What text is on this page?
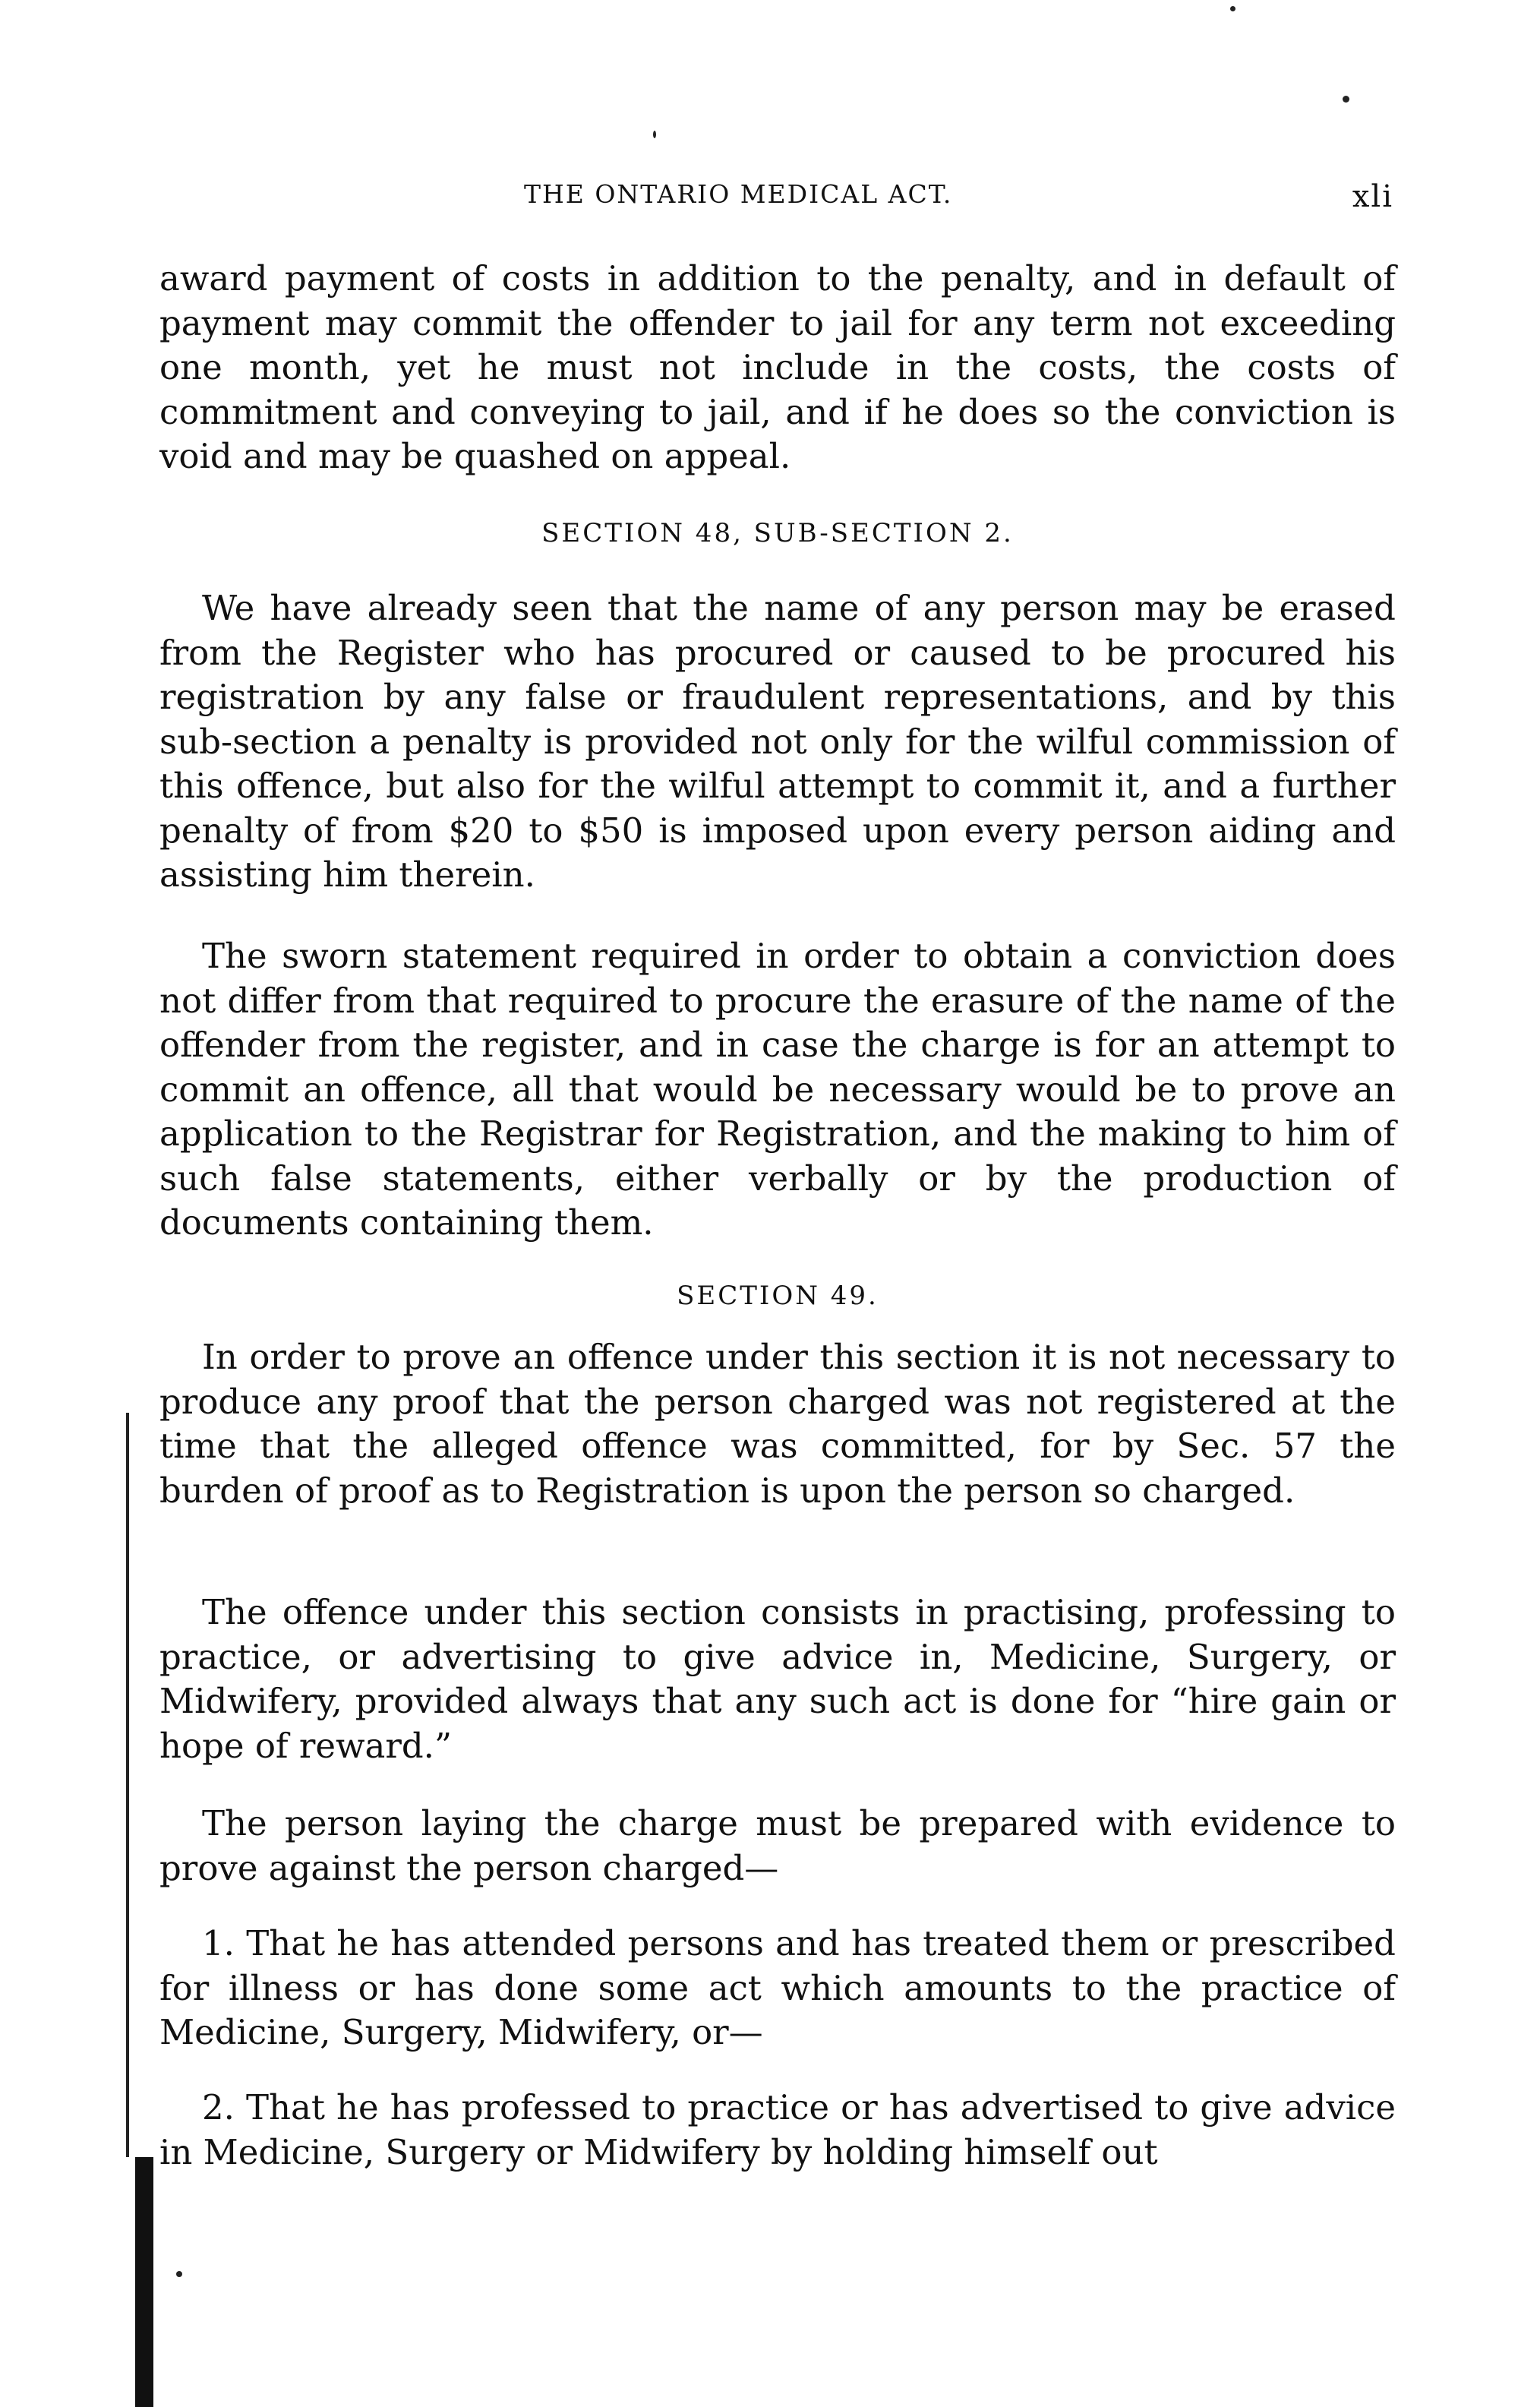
THE ONTARIO MEDICAL ACT.	xli

award payment of costs in addition to the penalty, and in default of payment may commit the offender to jail for any term not exceeding one month, yet he must not include in the costs, the costs of commitment and conveying to jail, and if he does so the conviction is void and may be quashed on appeal.

SECTION 48, SUB-SECTION 2.

We have already seen that the name of any person may be erased from the Register who has procured or caused to be procured his registration by any false or fraudulent representations, and by this sub-section a penalty is provided not only for the wilful commission of this offence, but also for the wilful attempt to commit it, and a further penalty of from $20 to $50 is imposed upon every person aiding and assisting him therein.

The sworn statement required in order to obtain a conviction does not differ from that required to procure the erasure of the name of the offender from the register, and in case the charge is for an attempt to commit an offence, all that would be necessary would be to prove an application to the Registrar for Registration, and the making to him of such false statements, either verbally or by the production of documents containing them.

SECTION 49.

In order to prove an offence under this section it is not necessary to produce any proof that the person charged was not registered at the time that the alleged offence was committed, for by Sec. 57 the burden of proof as to Registration is upon the person so charged.

The offence under this section consists in practising, professing to practice, or advertising to give advice in, Medicine, Surgery, or Midwifery, provided always that any such act is done for “hire gain or hope of reward.”

The person laying the charge must be prepared with evidence to prove against the person charged—

1. That he has attended persons and has treated them or prescribed for illness or has done some act which amounts to the practice of Medicine, Surgery, Midwifery, or—

2. That he has professed to practice or has advertised to give advice in Medicine, Surgery or Midwifery by holding himself out
